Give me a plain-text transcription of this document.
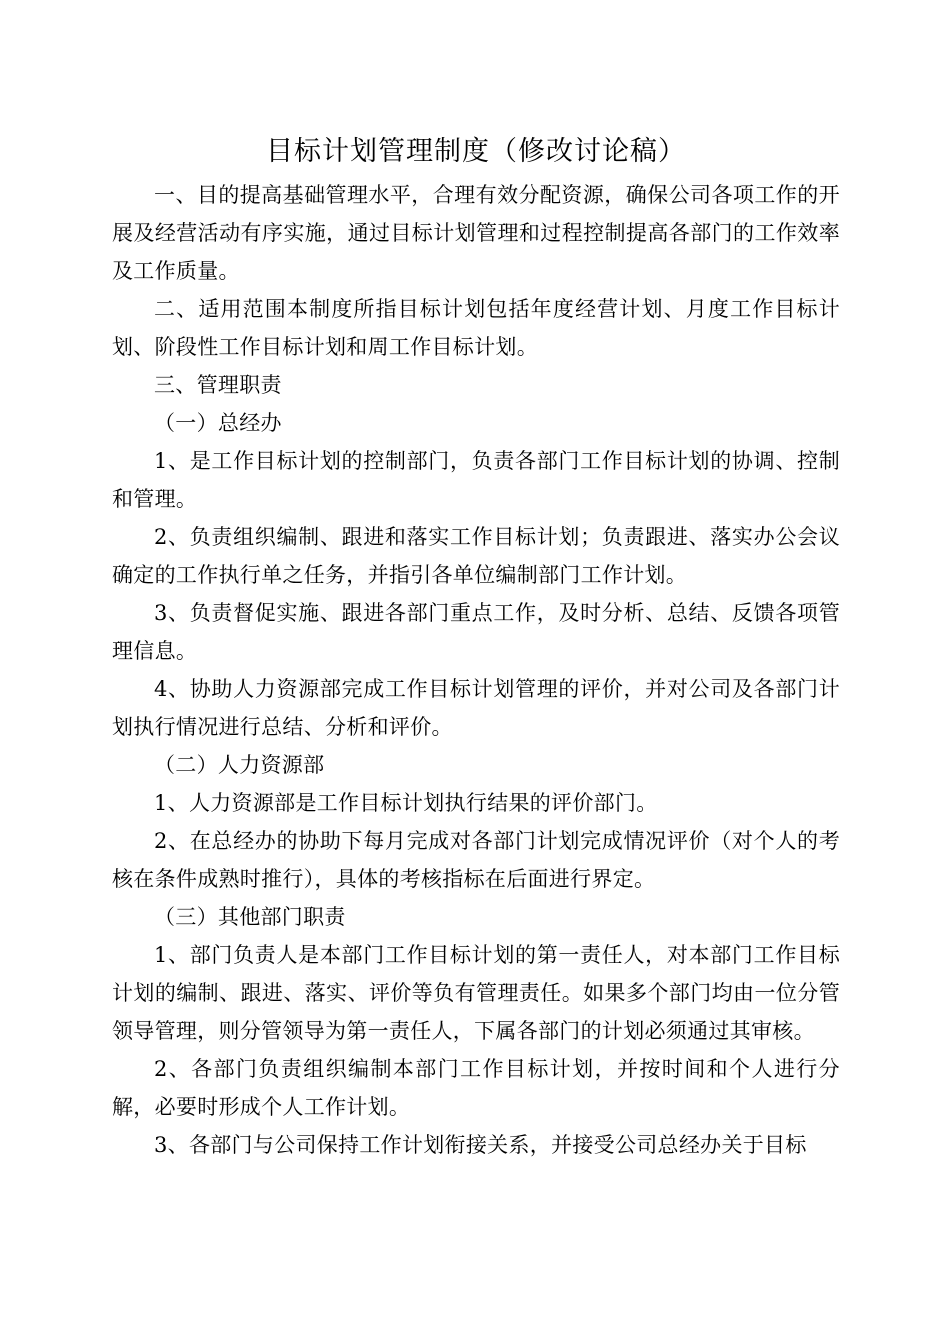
目标计划管理制度（修改讨论稿）

一、目的提高基础管理水平，合理有效分配资源，确保公司各项工作的开展及经营活动有序实施，通过目标计划管理和过程控制提高各部门的工作效率及工作质量。

二、适用范围本制度所指目标计划包括年度经营计划、月度工作目标计划、阶段性工作目标计划和周工作目标计划。

三、管理职责

（一）总经办

1、是工作目标计划的控制部门，负责各部门工作目标计划的协调、控制和管理。

2、负责组织编制、跟进和落实工作目标计划；负责跟进、落实办公会议确定的工作执行单之任务，并指引各单位编制部门工作计划。

3、负责督促实施、跟进各部门重点工作，及时分析、总结、反馈各项管理信息。

4、协助人力资源部完成工作目标计划管理的评价，并对公司及各部门计划执行情况进行总结、分析和评价。

（二）人力资源部

1、人力资源部是工作目标计划执行结果的评价部门。

2、在总经办的协助下每月完成对各部门计划完成情况评价（对个人的考核在条件成熟时推行），具体的考核指标在后面进行界定。

（三）其他部门职责

1、部门负责人是本部门工作目标计划的第一责任人，对本部门工作目标计划的编制、跟进、落实、评价等负有管理责任。如果多个部门均由一位分管领导管理，则分管领导为第一责任人，下属各部门的计划必须通过其审核。

2、各部门负责组织编制本部门工作目标计划，并按时间和个人进行分解，必要时形成个人工作计划。

3、各部门与公司保持工作计划衔接关系，并接受公司总经办关于目标
